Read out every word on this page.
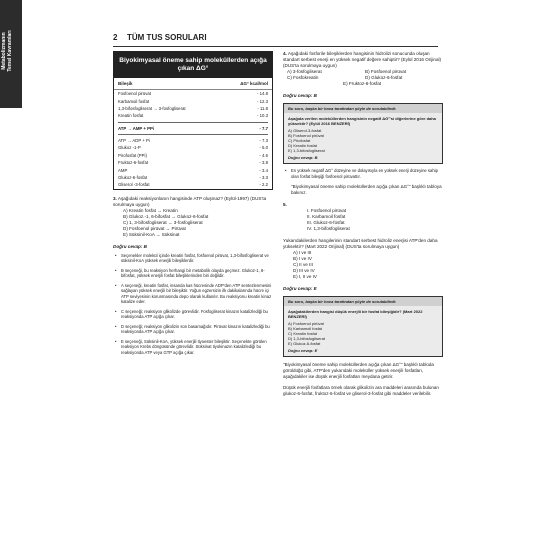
Metabolizmanın Temel Kavramları	2 TÜM TUS SORULARI
Biyokimyasal öneme sahip moleküllerden açığa çıkan ΔG°
Bileşik	ΔG° kcal/mol
Fosfoenol pirüvat	- 14.8
Karbamoil fosfat	- 12.3
1,3-bifosfogliserat → 3-fosfogliserat	- 11.8
Kreatin fosfat	- 10.3
ATP → AMP + PPi	- 7.7
ATP → ADP + Pi	- 7.3
Glukoz -1-P	- 5.0
Pirofosfat (PPi)	- 4.6
Fruktoz-6-fosfat	- 3.8
AMP	- 3.4
Glukoz-6-fosfat	- 3.3
Gliserol -3-fosfat	- 2.2
3. Aşağıdaki reaksiyonlanın hangisinde ATP oluşmaz? (Eylül-1997) (DUS'ta sorulmaya uygun)
A) Kreatin fosfat → Kreatin
B) Glukoz.-1, 6-bifosfat → Glukoz-6-fosfat
C) 1, 3-bifosfogliserat → 3-fosfogliserat
D) Fosfoenol pirüvat → Pirüvat
E) Süksinil-KoA → Süksinat
Doğru cevap: B
• Seçenekler molekül içinde kreatin fosfat, fosfoenol pirüvat, 1,3-bifosfogliserat ve süksinil-KoA yüksek enerjili bileşiklerdir.
• B seçeneği, bu reaksiyon herhangi bir metabolik olayda geçmez. Glukoz-1, 6-bifosfat, yüksek enerjili fosfat bileşiklerinden biri değildir.
• A seçeneği, kreatin fosfat, insanda kas hücresinde ADP'den ATP sentezlenmesini sağlayan yüksek enerjili bir bileşiktir. Yoğun egzersizin ilk dakikalarında hücre içi ATP seviyesinin korunmasında depo olarak kullanılır. Bu reaksiyonu kreatin kinaz katalize eder.
• C seçeneği; reaksiyon glikolizde görevlidir. Fosfogliserat kinazın katalizlediği bu reaksiyonda ATP açığa çıkar.
• D seçeneği; reaksiyon glikolizin son basamağıdır. Pirüvat kinazın katalizlediği bu reaksiyonda ATP açığa çıkar.
• E seçeneği, Süksinil-KoA, yüksek enerjili tiyoester bileşiktir. Seçenekte görülen reaksiyon Krebs döngüsünde görevlidir. Süksinat tiyokinazın katalizlediği bu reaksiyonda ATP veya GTP açığa çıkar.
4. Aşağıdaki fosforile bileşiklerden hangisinin hidrolizi sonucunda oluşan standart serbest enerji en yüksek negatif değere sahiptir? (Eylül 2016 Orijinal) (DUS'ta sorulmaya uygun)
A) 3-fosfogliserat	B) Fosfoenol pirüvat
C) Fosfokreatin	D) Glukoz-6-fosfat
E) Fruktoz-6-fosfat
Doğru cevap: B
Bu soru, başka bir hoca tarafından şöyle de sorulabilirdi:
Aşağıda verilen moleküllerden hangisinin negatif ΔG°'si diğerlerine göre daha yüksektir? (Eylül 2016 BENZERİ)
A) Gliserol-3-fosfat
B) Fosfoenol pirüvat
C) Pirofosfat
D) Kreatin fosfat
E) 1,3-bifosfogliserat
Doğru cevap: B
• En yüksek negatif ΔG° düzeyine ve dolayısıyla en yüksek enerji düzeyine sahip olan fosfat bileşiği fosfoenol pirüvattır.
"Biyokimyasal öneme sahip moleküllerden açığa çıkan ΔG°" başlıklı tabloya bakınız.
5.
I. Fosfoenol pirüvat
II. Karbamoil fosfat
III. Glukoz-6-fosfat
IV. 1,3-bifosfogliserat
Yukarıdakilerden hangilerinin standart serbest hidroliz enerjisi ATP'den daha yüksektir? (Mart 2022 Orijinal) (DUS'ta sorulmaya uygun)
A) I ve III
B) I ve IV
C) II ve III
D) III ve IV
E) I, II ve IV
Doğru cevap: E
Bu soru, başka bir hoca tarafından şöyle de sorulabilirdi:
Aşağıdakilerden hangisi düşük enerjili bir fosfat bileşiğidir? (Mart 2022 BENZERİ)
A) Fosfoenol pirüvat
B) Karbamoil fosfat
C) Kreatin fosfat
D) 1,3-bifosfogliserat
E) Glukoz-6-fosfat
Doğru cevap: E
"Biyokimyasal öneme sahip moleküllerden açığa çıkan ΔG°" başlıklı tabloda görüldüğü gibi, ATP'den yukarıdaki moleküller yüksek enerjili fosfatları, aşağıdakiler ise düşük enerjili fosfatları meydana getirir.
Düşük enerjili fosfatlara örnek olarak glikolizin ara maddeleri arasında bulunan glukoz-6-fosfat, fruktoz-6-fosfat ve gliserol-3-fosfat gibi maddeler verilebilir.
